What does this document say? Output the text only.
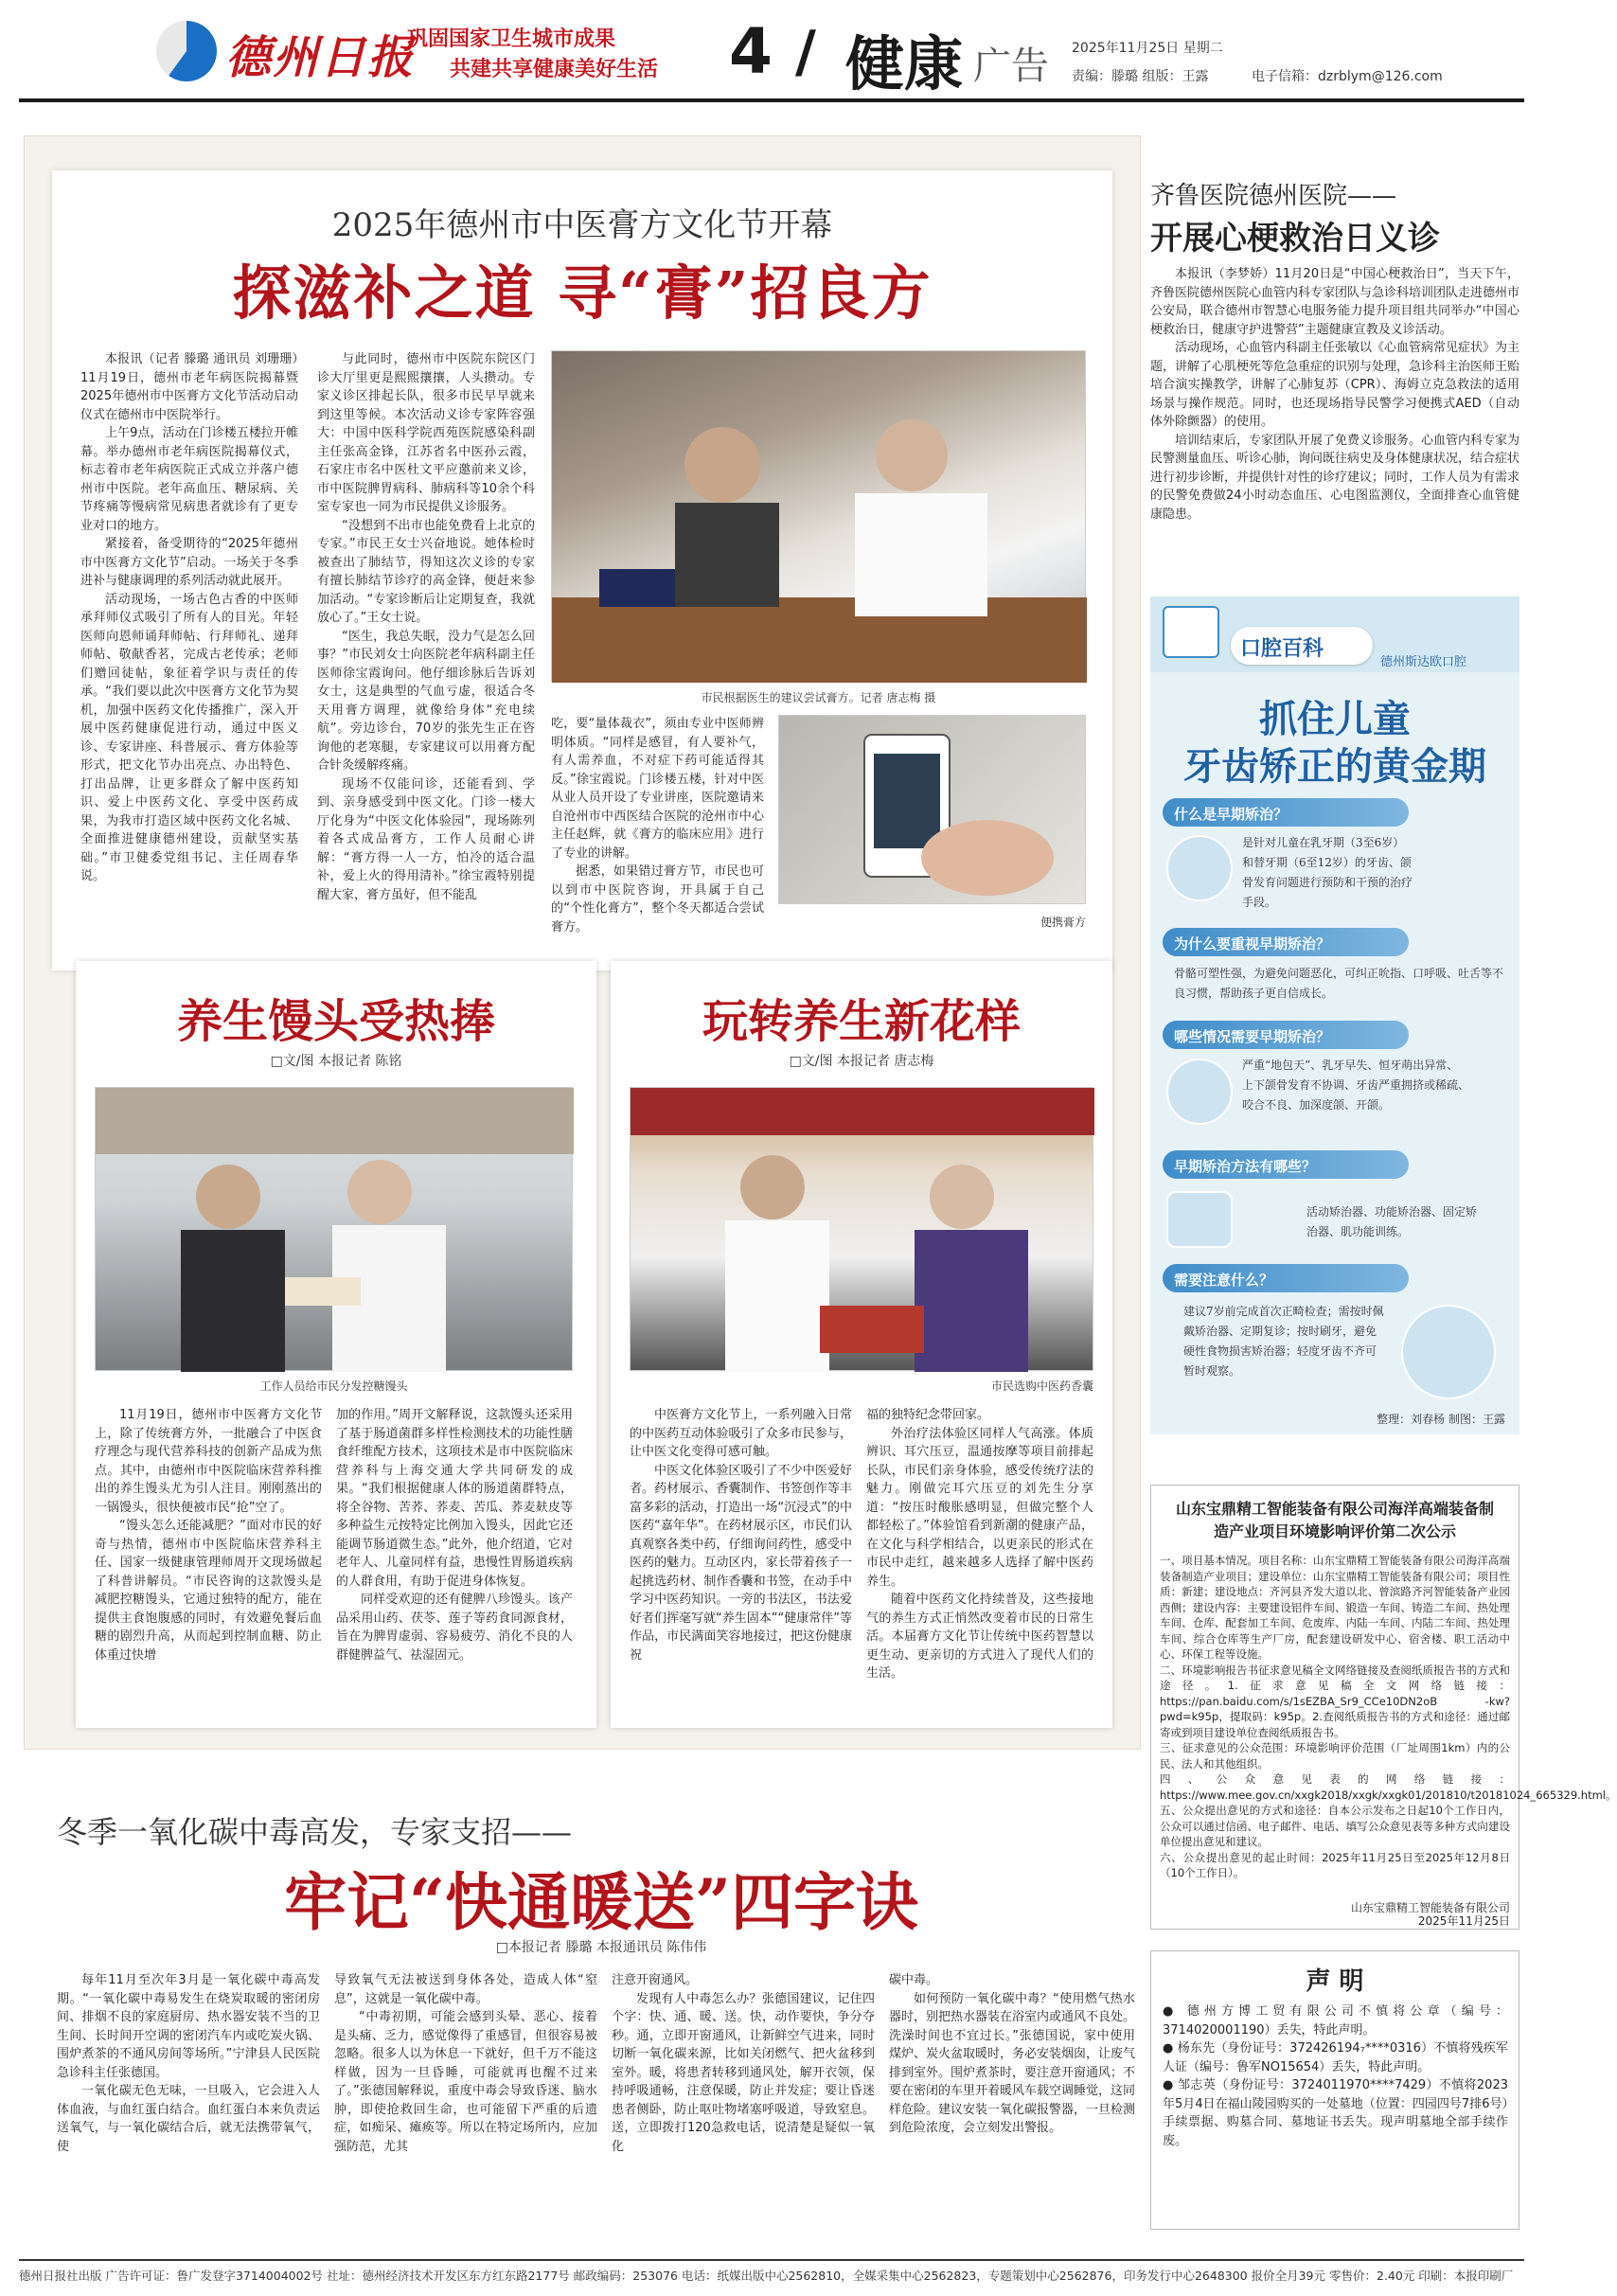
德州日报
巩固国家卫生城市成果
共建共享健康美好生活 4 / 健康 广告 2025年11月25日 星期二
责编：滕璐 组版：王露	电子信箱：dzrblym@126.com
2025年德州市中医膏方文化节开幕
探滋补之道 寻“膏”招良方

本报讯（记者 滕璐 通讯员 刘珊珊）11月19日，德州市老年病医院揭幕暨2025年德州市中医膏方文化节活动启动仪式在德州市中医院举行。

上午9点，活动在门诊楼五楼拉开帷幕。举办德州市老年病医院揭幕仪式，标志着市老年病医院正式成立并落户德州市中医院。老年高血压、糖尿病、关节疼痛等慢病常见病患者就诊有了更专业对口的地方。

紧接着，备受期待的“2025年德州市中医膏方文化节”启动。一场关于冬季进补与健康调理的系列活动就此展开。

活动现场，一场古色古香的中医师承拜师仪式吸引了所有人的目光。年轻医师向恩师诵拜师帖、行拜师礼、递拜师帖、敬献香茗，完成古老传承；老师们赠回徒帖，象征着学识与责任的传承。“我们要以此次中医膏方文化节为契机，加强中医药文化传播推广，深入开展中医药健康促进行动，通过中医义诊、专家讲座、科普展示、膏方体验等形式，把文化节办出亮点、办出特色、打出品牌，让更多群众了解中医药知识、爱上中医药文化、享受中医药成果，为我市打造区域中医药文化名城、全面推进健康德州建设，贡献坚实基础。”市卫健委党组书记、主任周春华说。

与此同时，德州市中医院东院区门诊大厅里更是熙熙攘攘，人头攒动。专家义诊区排起长队，很多市民早早就来到这里等候。本次活动义诊专家阵容强大：中国中医科学院西苑医院感染科副主任张高金锋，江苏省名中医孙云霞，石家庄市名中医杜文平应邀前来义诊，市中医院脾胃病科、肺病科等10余个科室专家也一同为市民提供义诊服务。

“没想到不出市也能免费看上北京的专家。”市民王女士兴奋地说。她体检时被查出了肺结节，得知这次义诊的专家有擅长肺结节诊疗的高金锋，便赶来参加活动。“专家诊断后让定期复查，我就放心了。”王女士说。

“医生，我总失眠，没力气是怎么回事？”市民刘女士向医院老年病科副主任医师徐宝霞询问。他仔细诊脉后告诉刘女士，这是典型的气血亏虚，很适合冬天用膏方调理，就像给身体“充电续航”。旁边诊台，70岁的张先生正在咨询他的老寒腿，专家建议可以用膏方配合针灸缓解疼痛。

现场不仅能问诊，还能看到、学到、亲身感受到中医文化。门诊一楼大厅化身为“中医文化体验园”，现场陈列着各式成品膏方，工作人员耐心讲解：“膏方得一人一方，怕冷的适合温补，爱上火的得用清补。”徐宝霞特别提醒大家，膏方虽好，但不能乱

市民根据医生的建议尝试膏方。记者 唐志梅 摄

吃，要“量体裁衣”，须由专业中医师辨明体质。“同样是感冒，有人要补气，有人需养血，不对症下药可能适得其反。”徐宝霞说。门诊楼五楼，针对中医从业人员开设了专业讲座，医院邀请来自沧州市中西医结合医院的沧州市中心主任赵辉，就《膏方的临床应用》进行了专业的讲解。

据悉，如果错过膏方节，市民也可以到市中医院咨询，开具属于自己的“个性化膏方”，整个冬天都适合尝试膏方。	便携膏方
养生馒头受热捧
□文/图 本报记者 陈铭
工作人员给市民分发控糖馒头

11月19日，德州市中医膏方文化节上，除了传统膏方外，一批融合了中医食疗理念与现代营养科技的创新产品成为焦点。其中，由德州市中医院临床营养科推出的养生馒头尤为引人注目。刚刚蒸出的一锅馒头，很快便被市民“抢”空了。

“馒头怎么还能减肥？”面对市民的好奇与热情，德州市中医院临床营养科主任、国家一级健康管理师周开文现场做起了科普讲解员。“市民咨询的这款馒头是减肥控糖馒头，它通过独特的配方，能在提供主食饱腹感的同时，有效避免餐后血糖的剧烈升高，从而起到控制血糖、防止体重过快增

加的作用。”周开文解释说，这款馒头还采用了基于肠道菌群多样性检测技术的功能性膳食纤维配方技术，这项技术是市中医院临床营养科与上海交通大学共同研发的成果。“我们根据健康人体的肠道菌群特点，将全谷物、苦荞、荞麦、苦瓜、荞麦麸皮等多种益生元按特定比例加入馒头，因此它还能调节肠道微生态。”此外，他介绍道，它对老年人、儿童同样有益，患慢性胃肠道疾病的人群食用，有助于促进身体恢复。

同样受欢迎的还有健脾八珍馒头。该产品采用山药、茯苓、莲子等药食同源食材，旨在为脾胃虚弱、容易疲劳、消化不良的人群健脾益气、祛湿固元。

玩转养生新花样
□文/图 本报记者 唐志梅
市民选购中医药香囊

中医膏方文化节上，一系列融入日常的中医药互动体验吸引了众多市民参与，让中医文化变得可感可触。

中医文化体验区吸引了不少中医爱好者。药材展示、香囊制作、书签创作等丰富多彩的活动，打造出一场“沉浸式”的中医药“嘉年华”。在药材展示区，市民们认真观察各类中药，仔细询问药性，感受中医药的魅力。互动区内，家长带着孩子一起挑选药材、制作香囊和书签，在动手中学习中医药知识。一旁的书法区，书法爱好者们挥毫写就“养生固本”“健康常伴”等作品，市民满面笑容地接过，把这份健康祝

福的独特纪念带回家。

外治疗法体验区同样人气高涨。体质辨识、耳穴压豆，温通按摩等项目前排起长队，市民们亲身体验，感受传统疗法的魅力。刚做完耳穴压豆的刘先生分享道：“按压时酸胀感明显，但做完整个人都轻松了。”体验馆看到新潮的健康产品，在文化与科学相结合，以更亲民的形式在市民中走红，越来越多人选择了解中医药养生。

随着中医药文化持续普及，这些接地气的养生方式正悄然改变着市民的日常生活。本届膏方文化节让传统中医药智慧以更生动、更亲切的方式进入了现代人们的生活。

冬季一氧化碳中毒高发，专家支招——
牢记“快通暖送”四字诀
□本报记者 滕璐 本报通讯员 陈伟伟

每年11月至次年3月是一氧化碳中毒高发期。“一氧化碳中毒易发生在烧炭取暖的密闭房间、排烟不良的家庭厨房、热水器安装不当的卫生间、长时间开空调的密闭汽车内或吃炭火锅、围炉煮茶的不通风房间等场所。”宁津县人民医院急诊科主任张德国。

一氧化碳无色无味，一旦吸入，它会进入人体血液，与血红蛋白结合。血红蛋白本来负责运送氧气，与一氧化碳结合后，就无法携带氧气，使

导致氧气无法被送到身体各处，造成人体“窒息”，这就是一氧化碳中毒。

“中毒初期，可能会感到头晕、恶心、接着是头痛、乏力，感觉像得了重感冒，但很容易被忽略。很多人以为休息一下就好，但千万不能这样做，因为一旦昏睡，可能就再也醒不过来了。”张德国解释说，重度中毒会导致昏迷、脑水肿，即使抢救回生命，也可能留下严重的后遗症，如痴呆、瘫痪等。所以在特定场所内，应加强防范，尤其

注意开窗通风。

发现有人中毒怎么办？张德国建议，记住四个字：快、通、暖、送。快，动作要快，争分夺秒。通，立即开窗通风，让新鲜空气进来，同时切断一氧化碳来源，比如关闭燃气、把火盆移到室外。暖，将患者转移到通风处，解开衣领，保持呼吸通畅，注意保暖，防止并发症；要让昏迷患者侧卧，防止呕吐物堵塞呼吸道，导致窒息。送，立即拨打120急救电话，说清楚是疑似一氧化

碳中毒。

如何预防一氧化碳中毒？“使用燃气热水器时，别把热水器装在浴室内或通风不良处。洗澡时间也不宜过长。”张德国说，家中使用煤炉、炭火盆取暖时，务必安装烟囱，让废气排到室外。围炉煮茶时，要注意开窗通风；不要在密闭的车里开着暖风车载空调睡觉，这同样危险。建议安装一氧化碳报警器，一旦检测到危险浓度，会立刻发出警报。

齐鲁医院德州医院——
开展心梗救治日义诊

本报讯（李梦娇）11月20日是“中国心梗救治日”，当天下午，齐鲁医院德州医院心血管内科专家团队与急诊科培训团队走进德州市公安局，联合德州市智慧心电服务能力提升项目组共同举办“中国心梗救治日，健康守护进警营”主题健康宣教及义诊活动。

活动现场，心血管内科副主任张敏以《心血管病常见症状》为主题，讲解了心肌梗死等危急重症的识别与处理，急诊科主治医师王贻培合演实操教学，讲解了心肺复苏（CPR）、海姆立克急救法的适用场景与操作规范。同时，也还现场指导民警学习便携式AED（自动体外除颤器）的使用。

培训结束后，专家团队开展了免费义诊服务。心血管内科专家为民警测量血压、听诊心肺，询问既往病史及身体健康状况，结合症状进行初步诊断，并提供针对性的诊疗建议；同时，工作人员为有需求的民警免费做24小时动态血压、心电图监测仪，全面排查心血管健康隐患。

口腔百科
德州斯达欧口腔
抓住儿童
牙齿矫正的黄金期
什么是早期矫治？
是针对儿童在乳牙期（3至6岁）和替牙期（6至12岁）的牙齿、颌骨发育问题进行预防和干预的治疗手段。
为什么要重视早期矫治？
骨骼可塑性强，为避免问题恶化，可纠正吮指、口呼吸、吐舌等不良习惯，帮助孩子更自信成长。
哪些情况需要早期矫治？
严重“地包天”、乳牙早失、恒牙萌出异常、上下颌骨发育不协调、牙齿严重拥挤或稀疏、咬合不良、加深度颌、开颌。
早期矫治方法有哪些？
活动矫治器、功能矫治器、固定矫治器、肌功能训练。
需要注意什么？
建议7岁前完成首次正畸检查；需按时佩戴矫治器、定期复诊；按时刷牙，避免硬性食物损害矫治器；轻度牙齿不齐可暂时观察。
整理：刘春杨 制图：王露
山东宝鼎精工智能装备有限公司海洋高端装备制造产业项目环境影响评价第二次公示

一、项目基本情况。项目名称：山东宝鼎精工智能装备有限公司海洋高端装备制造产业项目；建设单位：山东宝鼎精工智能装备有限公司；项目性质：新建；建设地点：齐河县齐发大道以北、曾滨路齐河智能装备产业园西侧；建设内容：主要建设铝件车间、锻造一车间、铸造二车间、热处理车间、仓库、配套加工车间、危废库、内陆一车间、内陆二车间、热处理车间、综合仓库等生产厂房，配套建设研发中心、宿舍楼、职工活动中心、环保工程等设施。

二、环境影响报告书征求意见稿全文网络链接及查阅纸质报告书的方式和途径。1.征求意见稿全文网络链接：https://pan.baidu.com/s/1sEZBA_Sr9_CCe10DN2oB -kw?pwd=k95p，提取码：k95p。2.查阅纸质报告书的方式和途径：通过邮寄或到项目建设单位查阅纸质报告书。

三、征求意见的公众范围：环境影响评价范围（厂址周围1km）内的公民、法人和其他组织。

四、公众意见表的网络链接：https://www.mee.gov.cn/xxgk2018/xxgk/xxgk01/201810/t20181024_665329.html。

五、公众提出意见的方式和途径：自本公示发布之日起10个工作日内，公众可以通过信函、电子邮件、电话、填写公众意见表等多种方式向建设单位提出意见和建议。

六、公众提出意见的起止时间：2025年11月25日至2025年12月8日（10个工作日）。

山东宝鼎精工智能装备有限公司
2025年11月25日
声 明

● 德州方博工贸有限公司不慎将公章（编号：3714020001190）丢失，特此声明。

● 杨东先（身份证号：372426194₇****0316）不慎将残疾军人证（编号：鲁军NO15654）丢失，特此声明。

● 邹志英（身份证号：3724011970****7429）不慎将2023年5月4日在福山陵园购买的一处墓地（位置：四园四号7排6号）手续票据、购墓合同、墓地证书丢失。现声明墓地全部手续作废。

德州日报社出版 广告许可证：鲁广发登字3714004002号 社址：德州经济技术开发区东方红东路2177号 邮政编码：253076 电话：纸媒出版中心2562810，全媒采集中心2562823，专题策划中心2562876，印务发行中心2648300 报价全月39元 零售价：2.40元 印刷：本报印刷厂
